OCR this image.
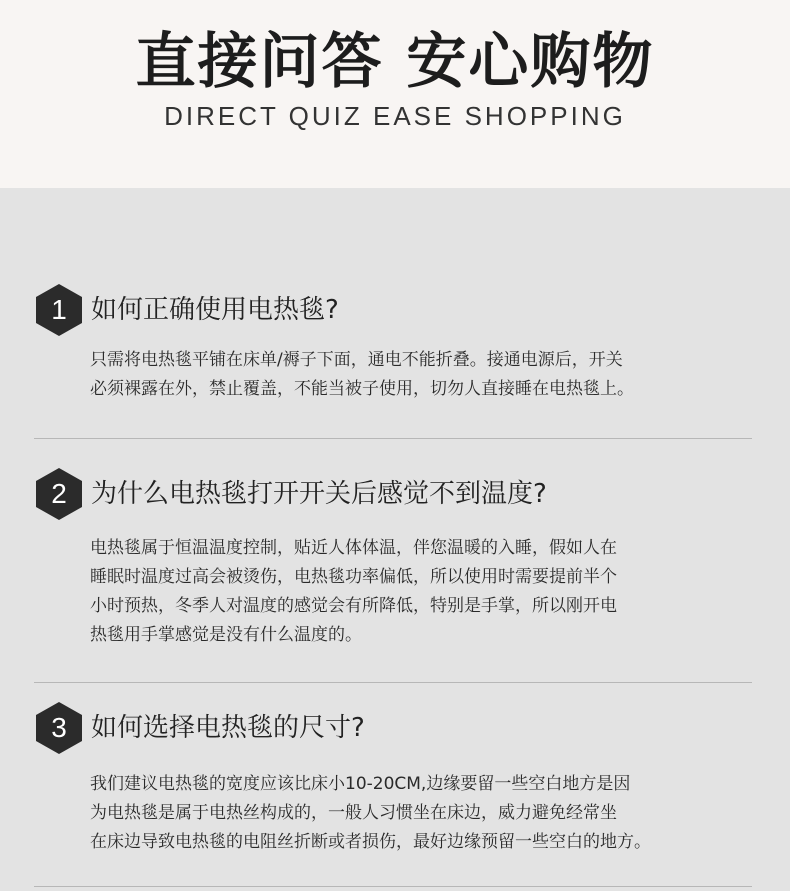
直接问答 安心购物
DIRECT QUIZ EASE SHOPPING
1 如何正确使用电热毯?

只需将电热毯平铺在床单/褥子下面，通电不能折叠。接通电源后，开关

必须裸露在外，禁止覆盖，不能当被子使用，切勿人直接睡在电热毯上。

2 为什么电热毯打开开关后感觉不到温度?

电热毯属于恒温温度控制，贴近人体体温，伴您温暖的入睡，假如人在

睡眠时温度过高会被烫伤，电热毯功率偏低，所以使用时需要提前半个

小时预热，冬季人对温度的感觉会有所降低，特别是手掌，所以刚开电

热毯用手掌感觉是没有什么温度的。

3 如何选择电热毯的尺寸?

我们建议电热毯的宽度应该比床小10-20CM,边缘要留一些空白地方是因

为电热毯是属于电热丝构成的，一般人习惯坐在床边，威力避免经常坐

在床边导致电热毯的电阻丝折断或者损伤，最好边缘预留一些空白的地方。
